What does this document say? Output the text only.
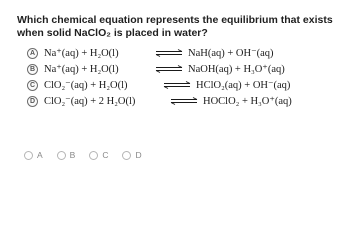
Which chemical equation represents the equilibrium that exists when solid NaClO₂ is placed in water?
A Na⁺(aq) + H₂O(l)	⇌ NaH(aq) + OH⁻(aq)
B Na⁺(aq) + H₂O(l)	⇌ NaOH(aq) + H₃O⁺(aq)
C ClO₂⁻(aq) + H₂O(l)	⇌ HClO₂(aq) + OH⁻(aq)
D ClO₂⁻(aq) + 2 H₂O(l)	⇌ HOClO₂ + H₃O⁺(aq)
A	B	C	D
